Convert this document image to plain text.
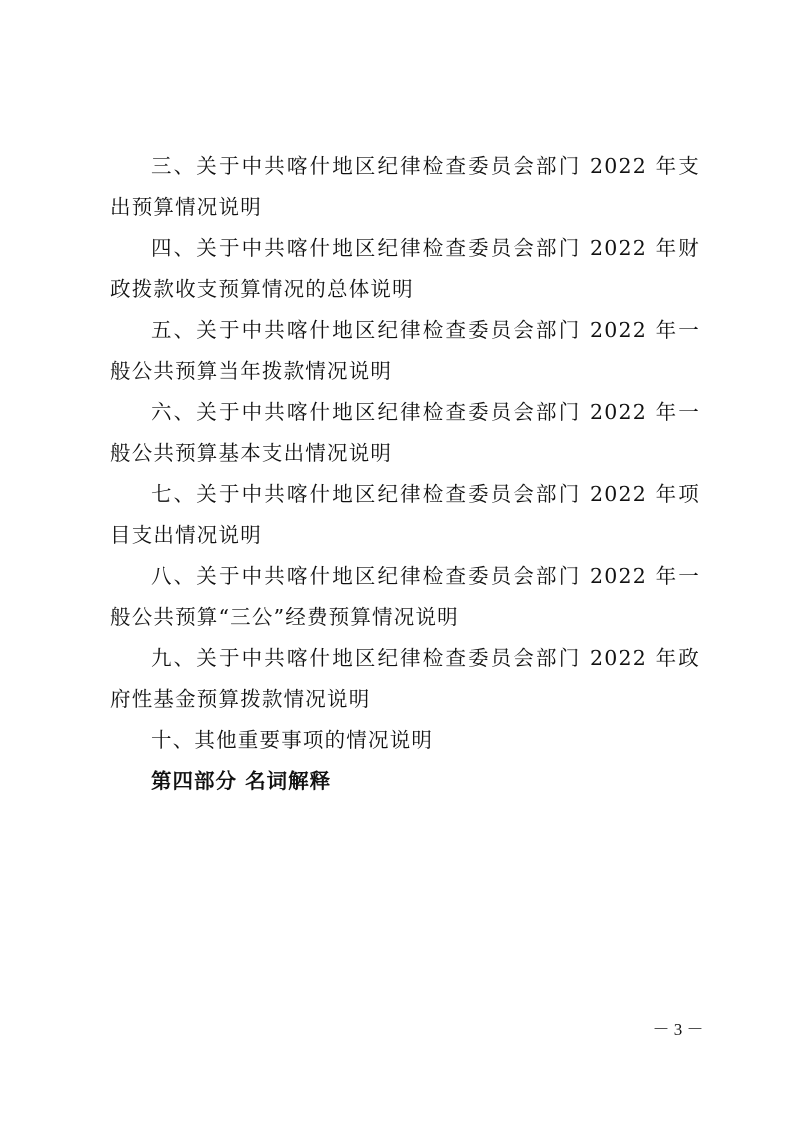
三、关于中共喀什地区纪律检查委员会部门 2022 年支出预算情况说明

四、关于中共喀什地区纪律检查委员会部门 2022 年财政拨款收支预算情况的总体说明

五、关于中共喀什地区纪律检查委员会部门 2022 年一般公共预算当年拨款情况说明

六、关于中共喀什地区纪律检查委员会部门 2022 年一般公共预算基本支出情况说明

七、关于中共喀什地区纪律检查委员会部门 2022 年项目支出情况说明

八、关于中共喀什地区纪律检查委员会部门 2022 年一般公共预算“三公”经费预算情况说明

九、关于中共喀什地区纪律检查委员会部门 2022 年政府性基金预算拨款情况说明

十、其他重要事项的情况说明

第四部分 名词解释

－ 3 －
